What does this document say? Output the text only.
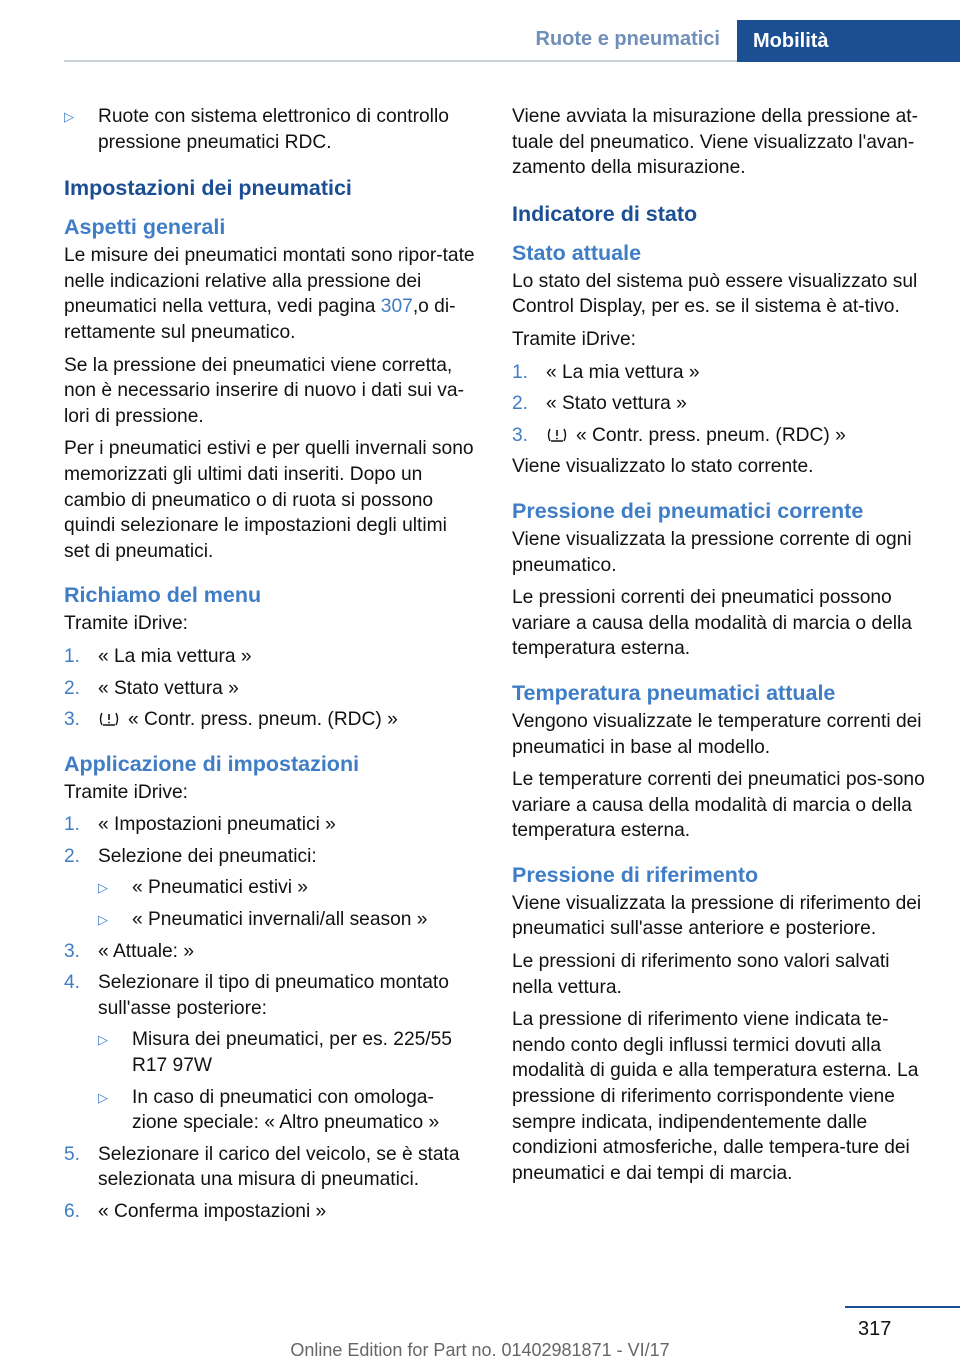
Ruote e pneumatici	Mobilità
▷	Ruote con sistema elettronico di controllo pressione pneumatici RDC.
Impostazioni dei pneumatici
Aspetti generali

Le misure dei pneumatici montati sono ripor-tate nelle indicazioni relative alla pressione dei pneumatici nella vettura, vedi pagina 307,o di-rettamente sul pneumatico.

Se la pressione dei pneumatici viene corretta, non è necessario inserire di nuovo i dati sui va-lori di pressione.

Per i pneumatici estivi e per quelli invernali sono memorizzati gli ultimi dati inseriti. Dopo un cambio di pneumatico o di ruota si possono quindi selezionare le impostazioni degli ultimi set di pneumatici.

Richiamo del menu

Tramite iDrive:

1. « La mia vettura »
2. « Stato vettura »
3.	« Contr. press. pneum. (RDC) »
Applicazione di impostazioni

Tramite iDrive:

1. « Impostazioni pneumatici »
2. Selezione dei pneumatici:
▷	« Pneumatici estivi »
▷	« Pneumatici invernali/all season »
3. « Attuale: »
4. Selezionare il tipo di pneumatico montato sull'asse posteriore:
▷	Misura dei pneumatici, per es. 225/55 R17 97W
▷	In caso di pneumatici con omologa-zione speciale: « Altro pneumatico »
5. Selezionare il carico del veicolo, se è stata selezionata una misura di pneumatici.
6. « Conferma impostazioni »

Viene avviata la misurazione della pressione at-tuale del pneumatico. Viene visualizzato l'avan-zamento della misurazione.

Indicatore di stato
Stato attuale

Lo stato del sistema può essere visualizzato sul Control Display, per es. se il sistema è at-tivo.

Tramite iDrive:

1. « La mia vettura »
2. « Stato vettura »
3.	« Contr. press. pneum. (RDC) »

Viene visualizzato lo stato corrente.

Pressione dei pneumatici corrente

Viene visualizzata la pressione corrente di ogni pneumatico.

Le pressioni correnti dei pneumatici possono variare a causa della modalità di marcia o della temperatura esterna.

Temperatura pneumatici attuale

Vengono visualizzate le temperature correnti dei pneumatici in base al modello.

Le temperature correnti dei pneumatici pos-sono variare a causa della modalità di marcia o della temperatura esterna.

Pressione di riferimento

Viene visualizzata la pressione di riferimento dei pneumatici sull'asse anteriore e posteriore.

Le pressioni di riferimento sono valori salvati nella vettura.

La pressione di riferimento viene indicata te-nendo conto degli influssi termici dovuti alla modalità di guida e alla temperatura esterna. La pressione di riferimento corrispondente viene sempre indicata, indipendentemente dalle condizioni atmosferiche, dalle tempera-ture dei pneumatici e dai tempi di marcia.

317
Online Edition for Part no. 01402981871 - VI/17
